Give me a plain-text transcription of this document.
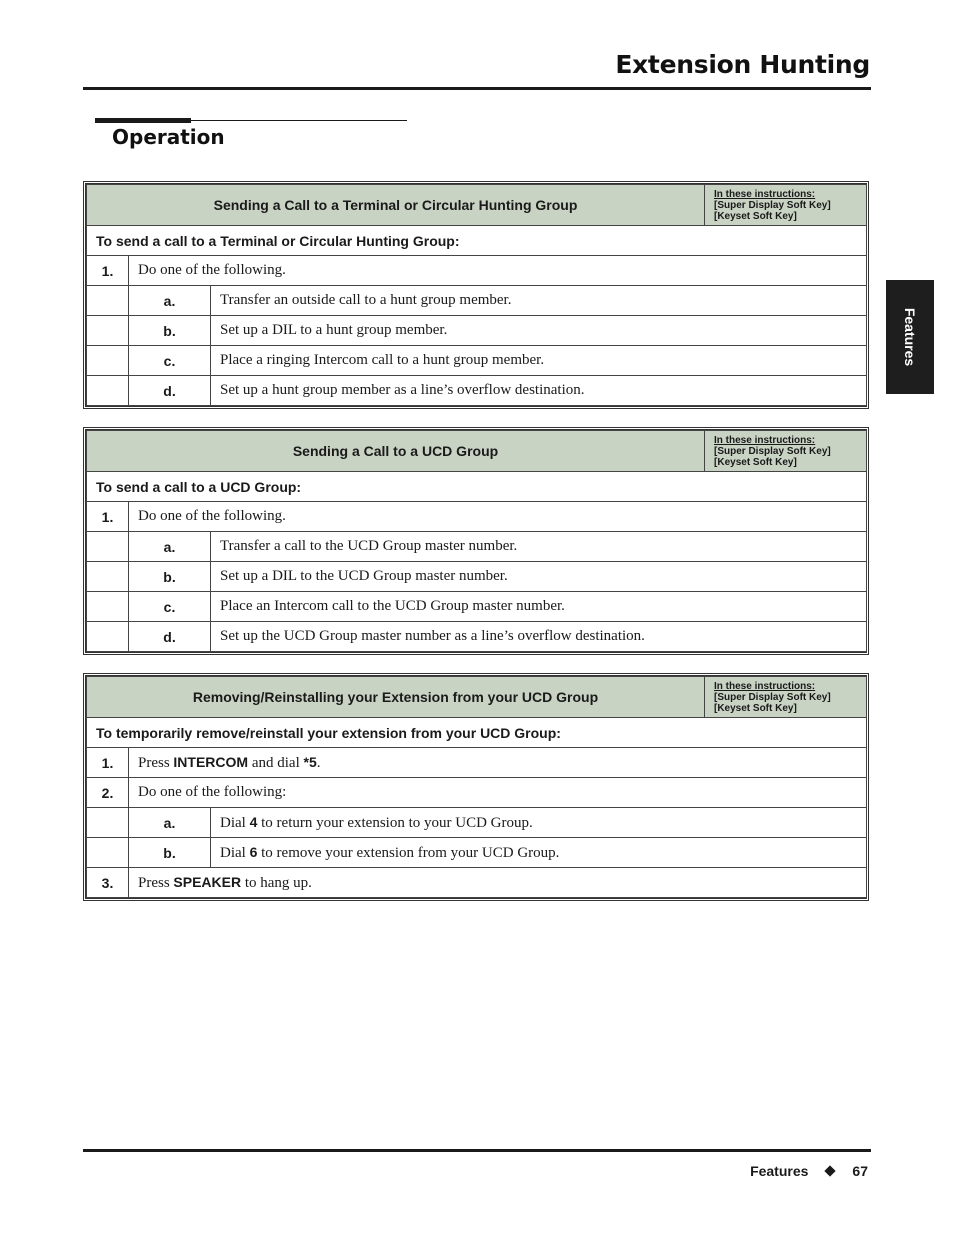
Extension Hunting
Operation
Features
Sending a Call to a Terminal or Circular Hunting Group			In these instructions:
[Super Display Soft Key]
[Keyset Soft Key]

To send a call to a Terminal or Circular Hunting Group:			
1.	Do one of the following.		
	a.	Transfer an outside call to a hunt group member.	
	b.	Set up a DIL to a hunt group member.	
	c.	Place a ringing Intercom call to a hunt group member.	
	d.	Set up a hunt group member as a line’s overflow destination.	
Sending a Call to a UCD Group			In these instructions:
[Super Display Soft Key]
[Keyset Soft Key]

To send a call to a UCD Group:			
1.	Do one of the following.		
	a.	Transfer a call to the UCD Group master number.	
	b.	Set up a DIL to the UCD Group master number.	
	c.	Place an Intercom call to the UCD Group master number.	
	d.	Set up the UCD Group master number as a line’s overflow destination.	
Removing/Reinstalling your Extension from your UCD Group			In these instructions:
[Super Display Soft Key]
[Keyset Soft Key]

To temporarily remove/reinstall your extension from your UCD Group:			
1.	Press INTERCOM and dial *5.		
2.	Do one of the following:		
	a.	Dial 4 to return your extension to your UCD Group.	
	b.	Dial 6 to remove your extension from your UCD Group.	
3.	Press SPEAKER to hang up.		
Features	67
